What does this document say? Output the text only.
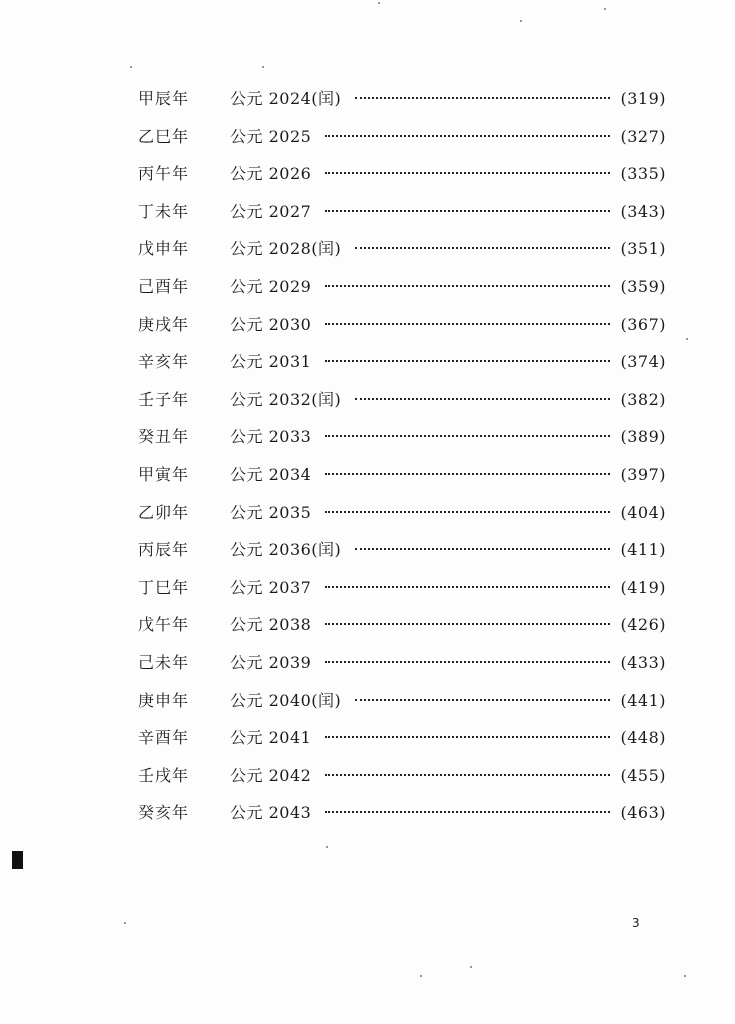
甲辰年	公元 2024(闰)	(319)
乙巳年	公元 2025	(327)
丙午年	公元 2026	(335)
丁未年	公元 2027	(343)
戊申年	公元 2028(闰)	(351)
己酉年	公元 2029	(359)
庚戌年	公元 2030	(367)
辛亥年	公元 2031	(374)
壬子年	公元 2032(闰)	(382)
癸丑年	公元 2033	(389)
甲寅年	公元 2034	(397)
乙卯年	公元 2035	(404)
丙辰年	公元 2036(闰)	(411)
丁巳年	公元 2037	(419)
戊午年	公元 2038	(426)
己未年	公元 2039	(433)
庚申年	公元 2040(闰)	(441)
辛酉年	公元 2041	(448)
壬戌年	公元 2042	(455)
癸亥年	公元 2043	(463)
3
